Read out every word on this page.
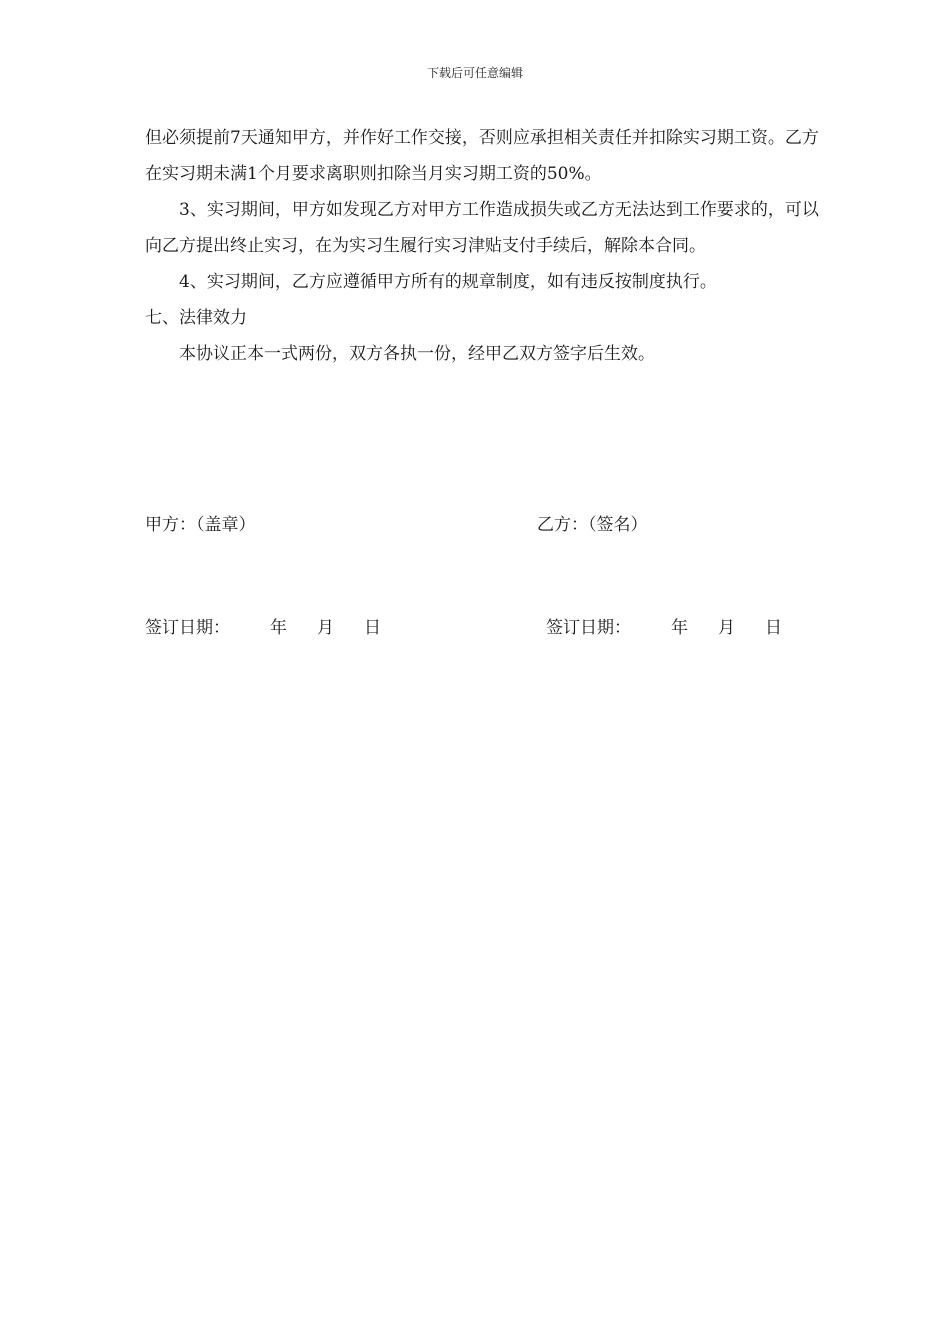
下载后可任意编辑

但必须提前7天通知甲方，并作好工作交接，否则应承担相关责任并扣除实习期工资。乙方在实习期未满1个月要求离职则扣除当月实习期工资的50%。

3、实习期间，甲方如发现乙方对甲方工作造成损失或乙方无法达到工作要求的，可以向乙方提出终止实习，在为实习生履行实习津贴支付手续后，解除本合同。

4、实习期间，乙方应遵循甲方所有的规章制度，如有违反按制度执行。

七、法律效力

本协议正本一式两份，双方各执一份，经甲乙双方签字后生效。

甲方：（盖章）	乙方：（签名）
签订日期： 年 月 日	签订日期： 年 月 日
